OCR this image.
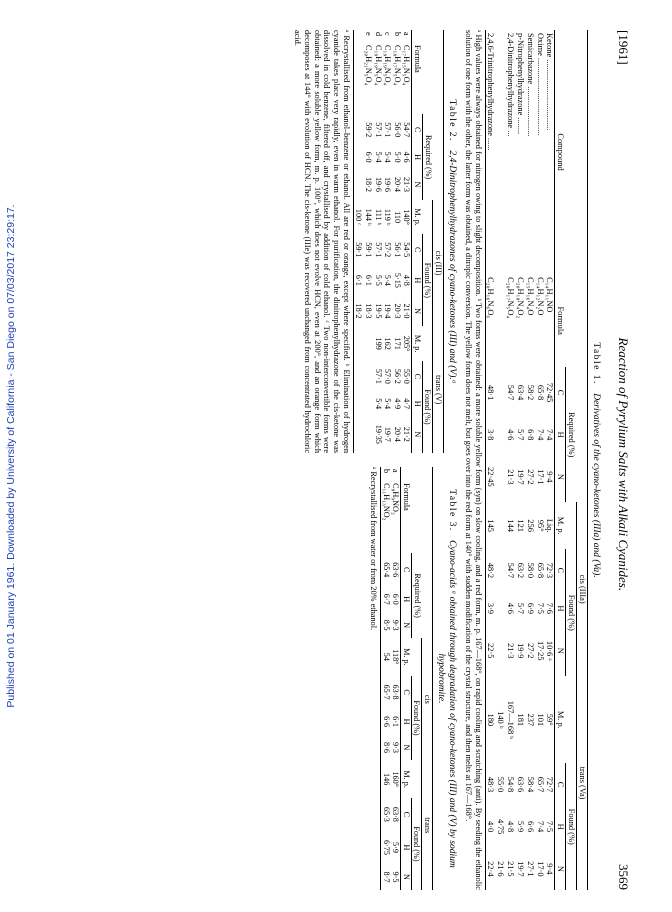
Published on 01 January 1961. Downloaded by University of California - San Diego on 07/03/2017 23:29:17.
[1961]
Reaction of Pyrylium Salts with Alkali Cyanides.
3569
Table 1. Derivatives of the cyano-ketones (IIIa) and (Va).
					cis (IIIa)				trans (Va)			
		Required (%)				Found (%)				Found (%)		
Compound	Formula	C	H	N	M. p.	C	H	N	M. p.	C	H	N
Ketone ..................................	C₁₄H₁₁NO	72·45	7·4	9·4	Liq.	72·3	7·6	10·6 ᵃ	59°	72·7	7·5	9·4
Oxime .....................................	C₁₄H₁₂N₂O	65·8	7·4	17·1	95°	65·8	7·5	17·25	101	65·7	7·4	17·0
Semicarbazone ........................	C₁₅H₁₆N₄O	58·2	6·8	27·2	256	58·0	6·9	27·2	237	58·4	6·6	27·1
p-Nitrophenylhydrazone ........	C₂₀H₁₈N₄O₂	63·4	5·7	19·7	121	63·2	5·7	19·9	181	63·6	5·9	19·7
2,4-Dinitrophenylhydrazone ...	C₂₀H₁₇N₅O₄	54·7	4·6	21·3	144	54·7	4·6	21·3	167—168 ᵇ	54·8	4·8	21·5
									140 ᵇ	55·0	4·75	21·6
2,4,6-Trinitrophenylhydrazone ......	C₂₀H₁₆N₆O₆	48·1	3·8	22·45	145	48·2	3·9	22·5	180	48·3	4·0	22·4
ᵃ High values were always obtained for nitrogen owing to slight decomposition. ᵇ Two forms were obtained: a more soluble yellow form (syn) on slow cooling, and a red form, m. p. 167—168°, on rapid cooling and scratching (anti). By seeding the ethanolic solution of one form with the other, the latter form was obtained, a ditropic conversion. The yellow form does not melt, but goes over into the red form at 140° with sudden modification of the crystal structure, and then melts at 167—168°.
Table 2. 2,4-Dinitrophenylhydrazones of cyano-ketones (III) and (V).ᵃ
					cis (III)				trans (V)			
		Required (%)				Found (%)				Found (%)		
	Formula	C	H	N	M. p.	C	H	N	M. p.	C	H	N
a	C₁₇H₁₅N₅O₄	54·7	4·6	21·3	140°	54·5	4·8	21·0	205°	55·0	4·7	21·2
b	C₁₈H₁₇N₅O₄	56·0	5·0	20·4	110	56·1	5·15	20·3	171	56·2	4·9	20·4
c	C₁₉H₁₉N₅O₄	57·1	5·4	19·6	119 ᵇ	57·2	5·4	19·4	162	57·0	5·4	19·7
d	C₁₉H₁₉N₅O₄	57·1	5·4	19·6	111 ᵇ	57·1	5·5	19·5	199	57·1	5·4	19·35
e	C₂₀H₂₁N₅O₄	59·2	6·0	18·2	144 ᵇ	59·1	6·1	18·3				
					100 ᶜ	59·1	6·1	18·2				
ᵃ Recrystallised from ethanol–benzene or ethanol. All are red or orange, except where specified. ᵇ Elimination of hydrogen cyanide takes place very rapidly, even in warm ethanol. For purification, the dinitrophenylhydrazone of the cis-ketone was dissolved in cold benzene, filtered off, and crystallised by addition of cold ethanol. ᶜ Two non-interconvertible forms were obtained: a more soluble yellow form, m. p. 100°, which does not evolve HCN, even at 200°, and an orange form which decomposes at 144° with evolution of HCN. The cis-ketone (IIIe) was recovered unchanged from concentrated hydrochloric acid.
Table 3. Cyano-acids ᵃ obtained through degradation of cyano-ketones (III) and (V) by sodium hypobromite.
					cis				trans			
		Required (%)				Found (%)				Found (%)		
	Formula	C	H	N	M. p.	C	H	N	M. p.	C	H	N
a	C₉H₉NO₂	63·6	6·0	9·3	118°	63·8	6·1	9·3	160°	63·8	5·9	9·5
b	C₁₁H₁₃NO₂	65·4	6·7	8·5	54	65·7	6·6	8·6	146	65·3	6·75	8·7
ᵃ Recrystallised from water or from 20% ethanol.
